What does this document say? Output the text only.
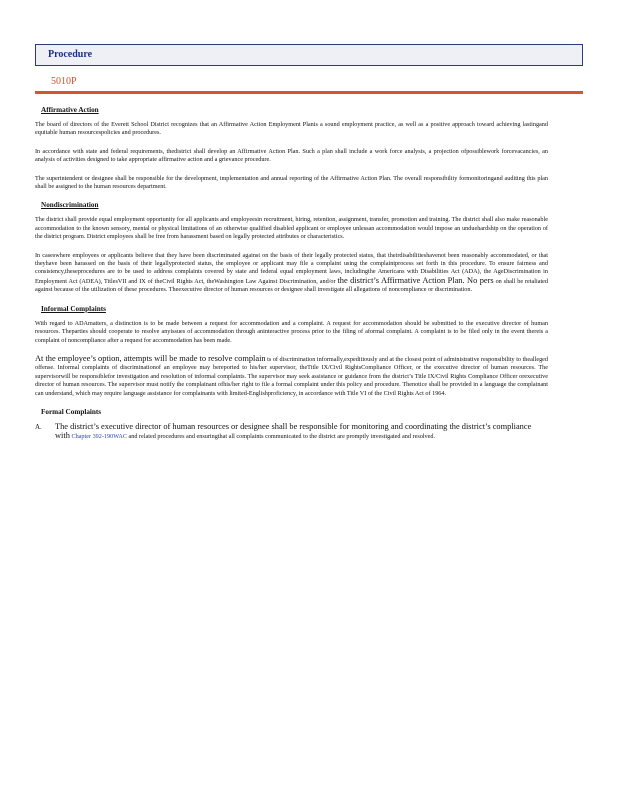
Procedure
5010P
Affirmative Action

The board of directors of the Everett School District recognizes that an Affirmative Action Employment Planis a sound employment practice, as well as a positive approach toward achieving lastingand equitable human resourcespolicies and procedures.

In accordance with state and federal requirements, thedistrict shall develop an Affirmative Action Plan. Such a plan shall include a work force analysis, a projection ofpossiblework forcevacancies, an analysis of activities designed to take appropriate affirmative action and a grievance procedure.

The superintendent or designee shall be responsible for the development, implementation and annual reporting of the Affirmative Action Plan. The overall responsibility formonitoringand auditing this plan shall be assigned to the human resources department.

Nondiscrimination

The district shall provide equal employment opportunity for all applicants and employeesin recruitment, hiring, retention, assignment, transfer, promotion and training. The district shall also make reasonable accommodation to the known sensory, mental or physical limitations of an otherwise qualified disabled applicant or employee unlessan accommodation would impose an unduehardship on the operation of the district program. District employees shall be free from harassment based on legally protected attributes or characteristics.

In caseswhere employees or applicants believe that they have been discriminated against on the basis of their legally protected status, that theirdisabilitieshavenot been reasonably accommodated, or that theyhave been harassed on the basis of their legallyprotected status, the employee or applicant may file a complaint using the complaintprocess set forth in this procedure. To ensure fairness and consistency,theseprocedures are to be used to address complaints covered by state and federal equal employment laws, includingthe Americans with Disabilities Act (ADA), the AgeDiscrimination in Employment Act (ADEA), TitlesVII and IX of theCivil Rights Act, theWashington Law Against Discrimination, and/or the district’s Affirmative Action Plan. No pers on shall be retaliated against because of the utilization of these procedures. Theexecutive director of human resources or designee shall investigate all allegations of noncompliance or discrimination.

Informal Complaints

With regard to ADAmatters, a distinction is to be made between a request for accommodation and a complaint. A request for accommodation should be submitted to the executive director of human resources. Theparties should cooperate to resolve anyissues of accommodation through aninteractive process prior to the filing of aformal complaint. A complaint is to be filed only in the event thereis a complaint of noncompliance after a request for accommodation has been made.

At the employee’s option, attempts will be made to resolve complain ts of discrimination informally,expeditiously and at the closest point of administrative responsibility to thealleged offense. Informal complaints of discriminationof an employee may bereported to his/her supervisor, theTitle IX/Civil RightsCompliance Officer, or the executive director of human resources. The supervisorwill be responsiblefor investigation and resolution of informal complaints. The supervisor may seek assistance or guidance from the district’s Title IX/Civil Rights Compliance Officer orexecutive director of human resources. The supervisor must notify the complainant ofhis/her right to file a formal complaint under this policy and procedure. Thenotice shall be provided in a language the complainant can understand, which may require language assistance for complainants with limited-Englishproficiency, in accordance with Title VI of the Civil Rights Act of 1964.

Formal Complaints
A.	The district’s executive director of human resources or designee shall be responsible for monitoring and coordinating the district’s compliance with Chapter 392-190WAC and related procedures and ensuringthat all complaints communicated to the district are promptly investigated and resolved.
